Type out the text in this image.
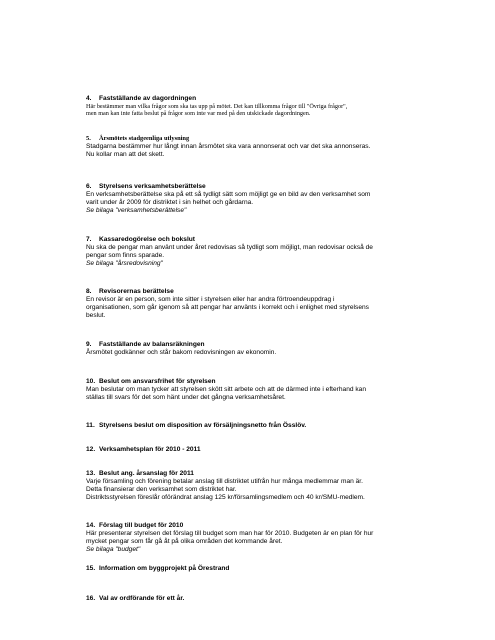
4. Fastställande av dagordningen
Här bestämmer man vilka frågor som ska tas upp på mötet. Det kan tillkomma frågor till "Övriga frågor",
men man kan inte fatta beslut på frågor som inte var med på den utskickade dagordningen.
5. Årsmötets stadgeenliga utlysning
Stadgarna bestämmer hur långt innan årsmötet ska vara annonserat och var det ska annonseras.
Nu kollar man att det skett.
6. Styrelsens verksamhetsberättelse
En verksamhetsberättelse ska på ett så tydligt sätt som möjligt ge en bild av den verksamhet som
varit under år 2009 för distriktet i sin helhet och gårdarna.
Se bilaga "verksamhetsberättelse"
7. Kassaredogörelse och bokslut
Nu ska de pengar man använt under året redovisas så tydligt som möjligt, man redovisar också de
pengar som finns sparade.
Se bilaga "årsredovisning"
8. Revisorernas berättelse
En revisor är en person, som inte sitter i styrelsen eller har andra förtroendeuppdrag i
organisationen, som går igenom så att pengar har använts i korrekt och i enlighet med styrelsens
beslut.
9. Fastställande av balansräkningen
Årsmötet godkänner och står bakom redovisningen av ekonomin.
10. Beslut om ansvarsfrihet för styrelsen
Man beslutar om man tycker att styrelsen skött sitt arbete och att de därmed inte i efterhand kan
ställas till svars för det som hänt under det gångna verksamhetsåret.
11. Styrelsens beslut om disposition av försäljningsnetto från Össlöv.
12. Verksamhetsplan för 2010 - 2011
13. Beslut ang. årsanslag för 2011
Varje församling och förening betalar anslag till distriktet utifrån hur många medlemmar man är.
Detta finansierar den verksamhet som distriktet har.
Distriktsstyrelsen föreslår oförändrat anslag 125 kr/församlingsmedlem och 40 kr/SMU-medlem.
14. Förslag till budget för 2010
Här presenterar styrelsen det förslag till budget som man har för 2010. Budgeten är en plan för hur
mycket pengar som får gå åt på olika områden det kommande året.
Se bilaga "budget"
15. Information om byggprojekt på Örestrand
16. Val av ordförande för ett år.
